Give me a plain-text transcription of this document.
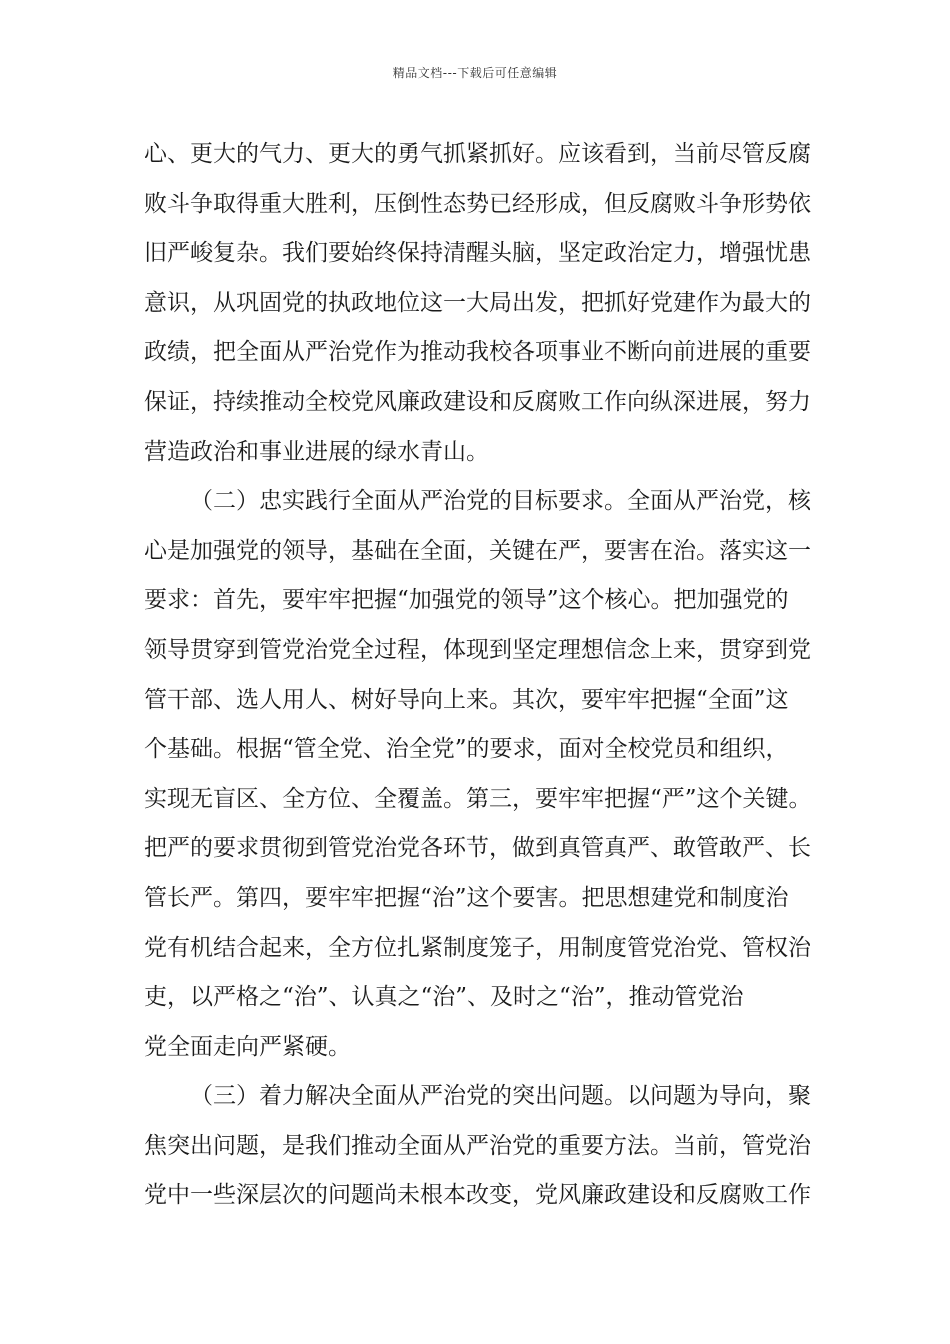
精品文档---下载后可任意编辑

心、更大的气力、更大的勇气抓紧抓好。应该看到，当前尽管反腐
败斗争取得重大胜利，压倒性态势已经形成，但反腐败斗争形势依
旧严峻复杂。我们要始终保持清醒头脑，坚定政治定力，增强忧患
意识，从巩固党的执政地位这一大局出发，把抓好党建作为最大的
政绩，把全面从严治党作为推动我校各项事业不断向前进展的重要
保证，持续推动全校党风廉政建设和反腐败工作向纵深进展，努力
营造政治和事业进展的绿水青山。

（二）忠实践行全面从严治党的目标要求。全面从严治党，核
心是加强党的领导，基础在全面，关键在严，要害在治。落实这一
要求：首先，要牢牢把握“加强党的领导”这个核心。把加强党的
领导贯穿到管党治党全过程，体现到坚定理想信念上来，贯穿到党
管干部、选人用人、树好导向上来。其次，要牢牢把握“全面”这
个基础。根据“管全党、治全党”的要求，面对全校党员和组织，
实现无盲区、全方位、全覆盖。第三，要牢牢把握“严”这个关键。
把严的要求贯彻到管党治党各环节，做到真管真严、敢管敢严、长
管长严。第四，要牢牢把握“治”这个要害。把思想建党和制度治
党有机结合起来，全方位扎紧制度笼子，用制度管党治党、管权治
吏，以严格之“治”、认真之“治”、及时之“治”，推动管党治
党全面走向严紧硬。

（三）着力解决全面从严治党的突出问题。以问题为导向，聚
焦突出问题，是我们推动全面从严治党的重要方法。当前，管党治
党中一些深层次的问题尚未根本改变，党风廉政建设和反腐败工作
